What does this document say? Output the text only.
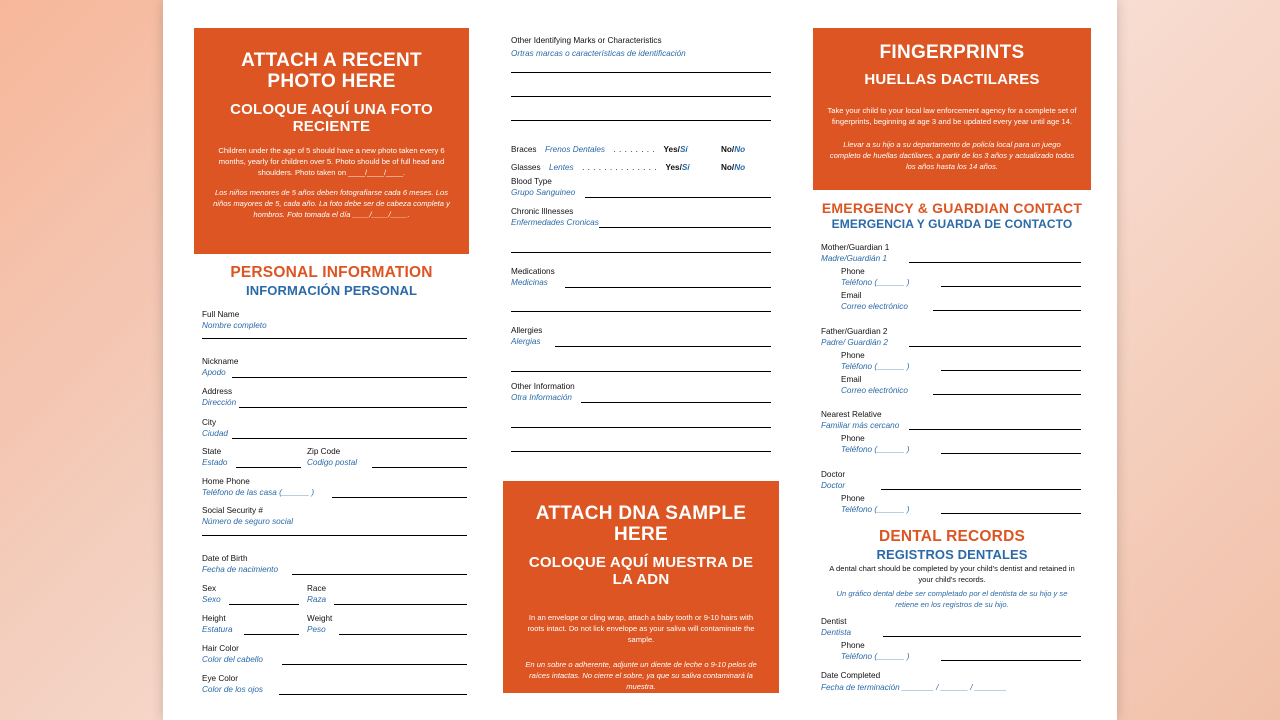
ATTACH A RECENT PHOTO HERE
COLOQUE AQUÍ UNA FOTO RECIENTE
Children under the age of 5 should have a new photo taken every 6 months, yearly for children over 5. Photo should be of full head and shoulders. Photo taken on ____/____/____.
Los niños menores de 5 años deben fotografiarse cada 6 meses. Los niños mayores de 5, cada año. La foto debe ser de cabeza completa y hombros. Foto tomada el día ____/____/____.
PERSONAL INFORMATION
INFORMACIÓN PERSONAL
Full Name
Nombre completo
Nickname
Apodo
Address
Dirección
City
Ciudad
State
Estado
Zip Code
Codigo postal
Home Phone
Teléfono de las casa (______ )
Social Security #
Número de seguro social
Date of Birth
Fecha de nacimiento
Sex
Sexo
Race
Raza
Height
Estatura
Weight
Peso
Hair Color
Color del cabello
Eye Color
Color de los ojos
Other Identifying Marks or Characteristics
Ortras marcas o características de identificación
Braces Frenos Dentales . . . . . . . . Yes/Sí	No/No
Glasses Lentes . . . . . . . . . . . . . . Yes/Sí	No/No
Blood Type
Grupo Sanguineo
Chronic Illnesses
Enfermedades Cronicas
Medications
Medicinas
Allergies
Alergias
Other Information
Otra Información
ATTACH DNA SAMPLE HERE
COLOQUE AQUÍ MUESTRA DE LA ADN
In an envelope or cling wrap, attach a baby tooth or 9-10 hairs with roots intact. Do not lick envelope as your saliva will contaminate the sample.
En un sobre o adherente, adjunte un diente de leche o 9-10 pelos de raíces intactas. No cierre el sobre, ya que su saliva contaminará la muestra.
FINGERPRINTS
HUELLAS DACTILARES
Take your child to your local law enforcement agency for a complete set of fingerprints, beginning at age 3 and be updated every year until age 14.
Llevar a su hijo a su departamento de policía local para un juego completo de huellas dactilares, a partir de los 3 años y actualizado todos los años hasta los 14 años.
EMERGENCY & GUARDIAN CONTACT
EMERGENCIA Y GUARDA DE CONTACTO
Mother/Guardian 1
Madre/Guardián 1
Phone
Teléfono (______ )
Email
Correo electrónico
Father/Guardian 2
Padre/ Guardián 2
Phone
Teléfono (______ )
Email
Correo electrónico
Nearest Relative
Familiar más cercano
Phone
Teléfono (______ )
Doctor
Doctor
Phone
Teléfono (______ )
DENTAL RECORDS
REGISTROS DENTALES
A dental chart should be completed by your child's dentist and retained in your child's records.
Un gráfico dental debe ser completado por el dentista de su hijo y se retiene en los registros de su hijo.
Dentist
Dentista
Phone
Teléfono (______ )
Date Completed
Fecha de terminación _______ / ______ / _______
